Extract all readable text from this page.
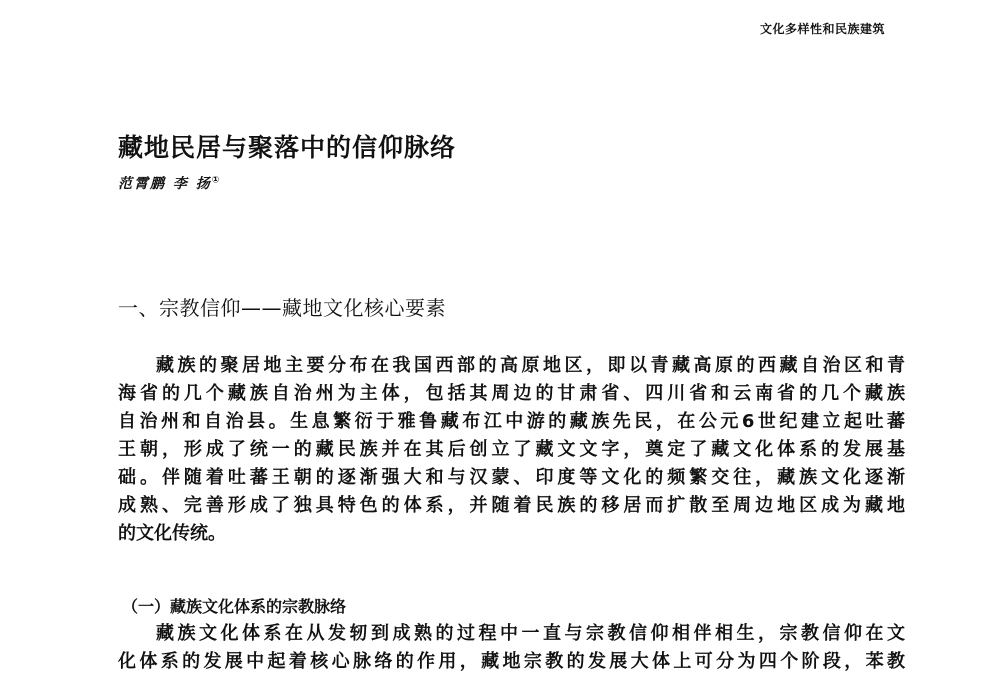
文化多样性和民族建筑
藏地民居与聚落中的信仰脉络
范霄鹏 李 扬①
一、宗教信仰——藏地文化核心要素
藏族的聚居地主要分布在我国西部的高原地区，即以青藏高原的西藏自治区和青
海省的几个藏族自治州为主体，包括其周边的甘肃省、四川省和云南省的几个藏族
自治州和自治县。生息繁衍于雅鲁藏布江中游的藏族先民，在公元6世纪建立起吐蕃
王朝，形成了统一的藏民族并在其后创立了藏文文字，奠定了藏文化体系的发展基
础。伴随着吐蕃王朝的逐渐强大和与汉蒙、印度等文化的频繁交往，藏族文化逐渐
成熟、完善形成了独具特色的体系，并随着民族的移居而扩散至周边地区成为藏地
的文化传统。
（一）藏族文化体系的宗教脉络
藏族文化体系在从发轫到成熟的过程中一直与宗教信仰相伴相生，宗教信仰在文
化体系的发展中起着核心脉络的作用，藏地宗教的发展大体上可分为四个阶段，苯教
